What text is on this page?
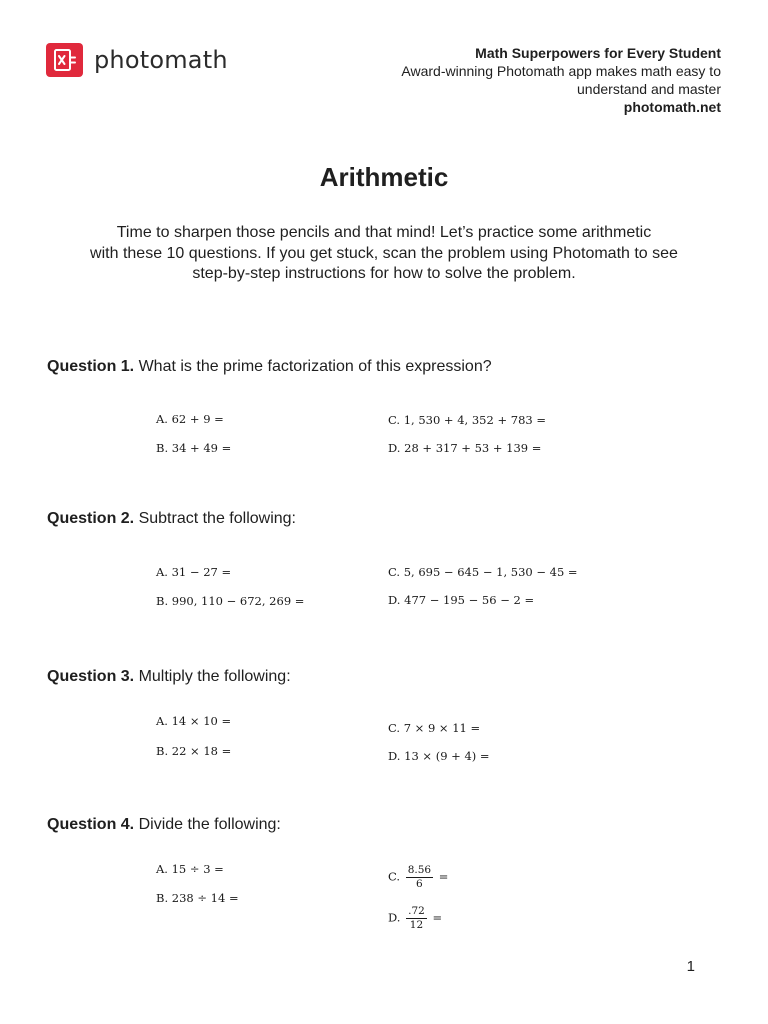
photomath	Math Superpowers for Every Student
Award-winning Photomath app makes math easy to
understand and master
photomath.net
Arithmetic
Time to sharpen those pencils and that mind! Let’s practice some arithmetic
with these 10 questions. If you get stuck, scan the problem using Photomath to see
step-by-step instructions for how to solve the problem.
Question 1. What is the prime factorization of this expression?
A. 62 + 9 =
B. 34 + 49 =
C. 1, 530 + 4, 352 + 783 =
D. 28 + 317 + 53 + 139 =
Question 2. Subtract the following:
A. 31 − 27 =
B. 990, 110 − 672, 269 =
C. 5, 695 − 645 − 1, 530 − 45 =
D. 477 − 195 − 56 − 2 =
Question 3. Multiply the following:
A. 14 × 10 =
B. 22 × 18 =
C. 7 × 9 × 11 =
D. 13 × (9 + 4) =
Question 4. Divide the following:
A. 15 ÷ 3 =
B. 238 ÷ 14 =
C. $\frac{8.56}{6}$ =
D. $\frac{.72}{12}$ =
1
